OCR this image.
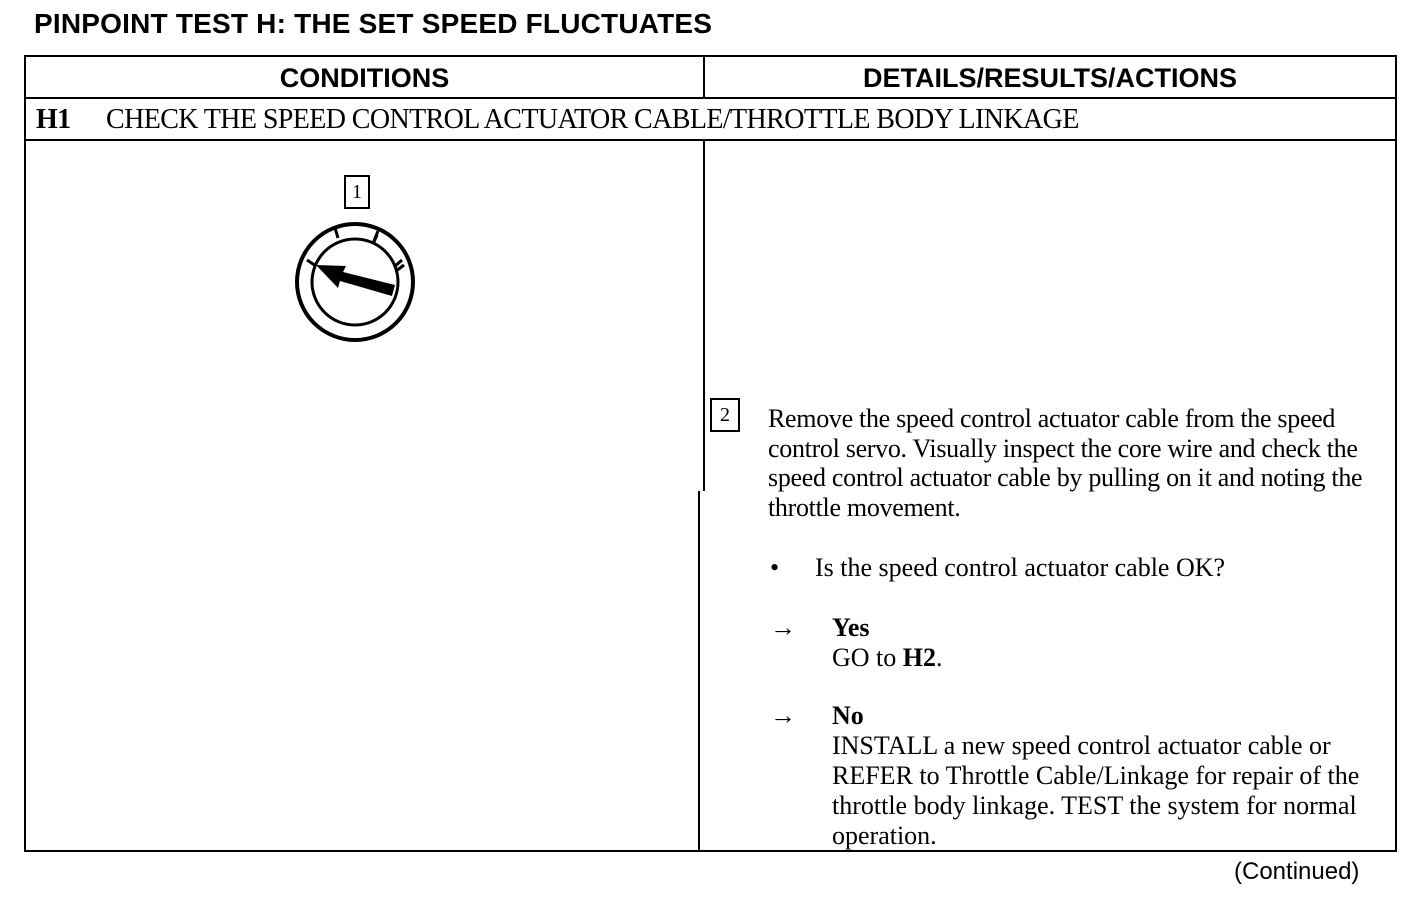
PINPOINT TEST H: THE SET SPEED FLUCTUATES
CONDITIONS	DETAILS/RESULTS/ACTIONS
H1 CHECK THE SPEED CONTROL ACTUATOR CABLE/THROTTLE BODY LINKAGE
1
2	Remove the speed control actuator cable from the speed control servo. Visually inspect the core wire and check the speed control actuator cable by pulling on it and noting the throttle movement.
• Is the speed control actuator cable OK?
→ Yes
GO to H2.
→ No
INSTALL a new speed control actuator cable or REFER to Throttle Cable/Linkage for repair of the throttle body linkage. TEST the system for normal operation.
(Continued)
